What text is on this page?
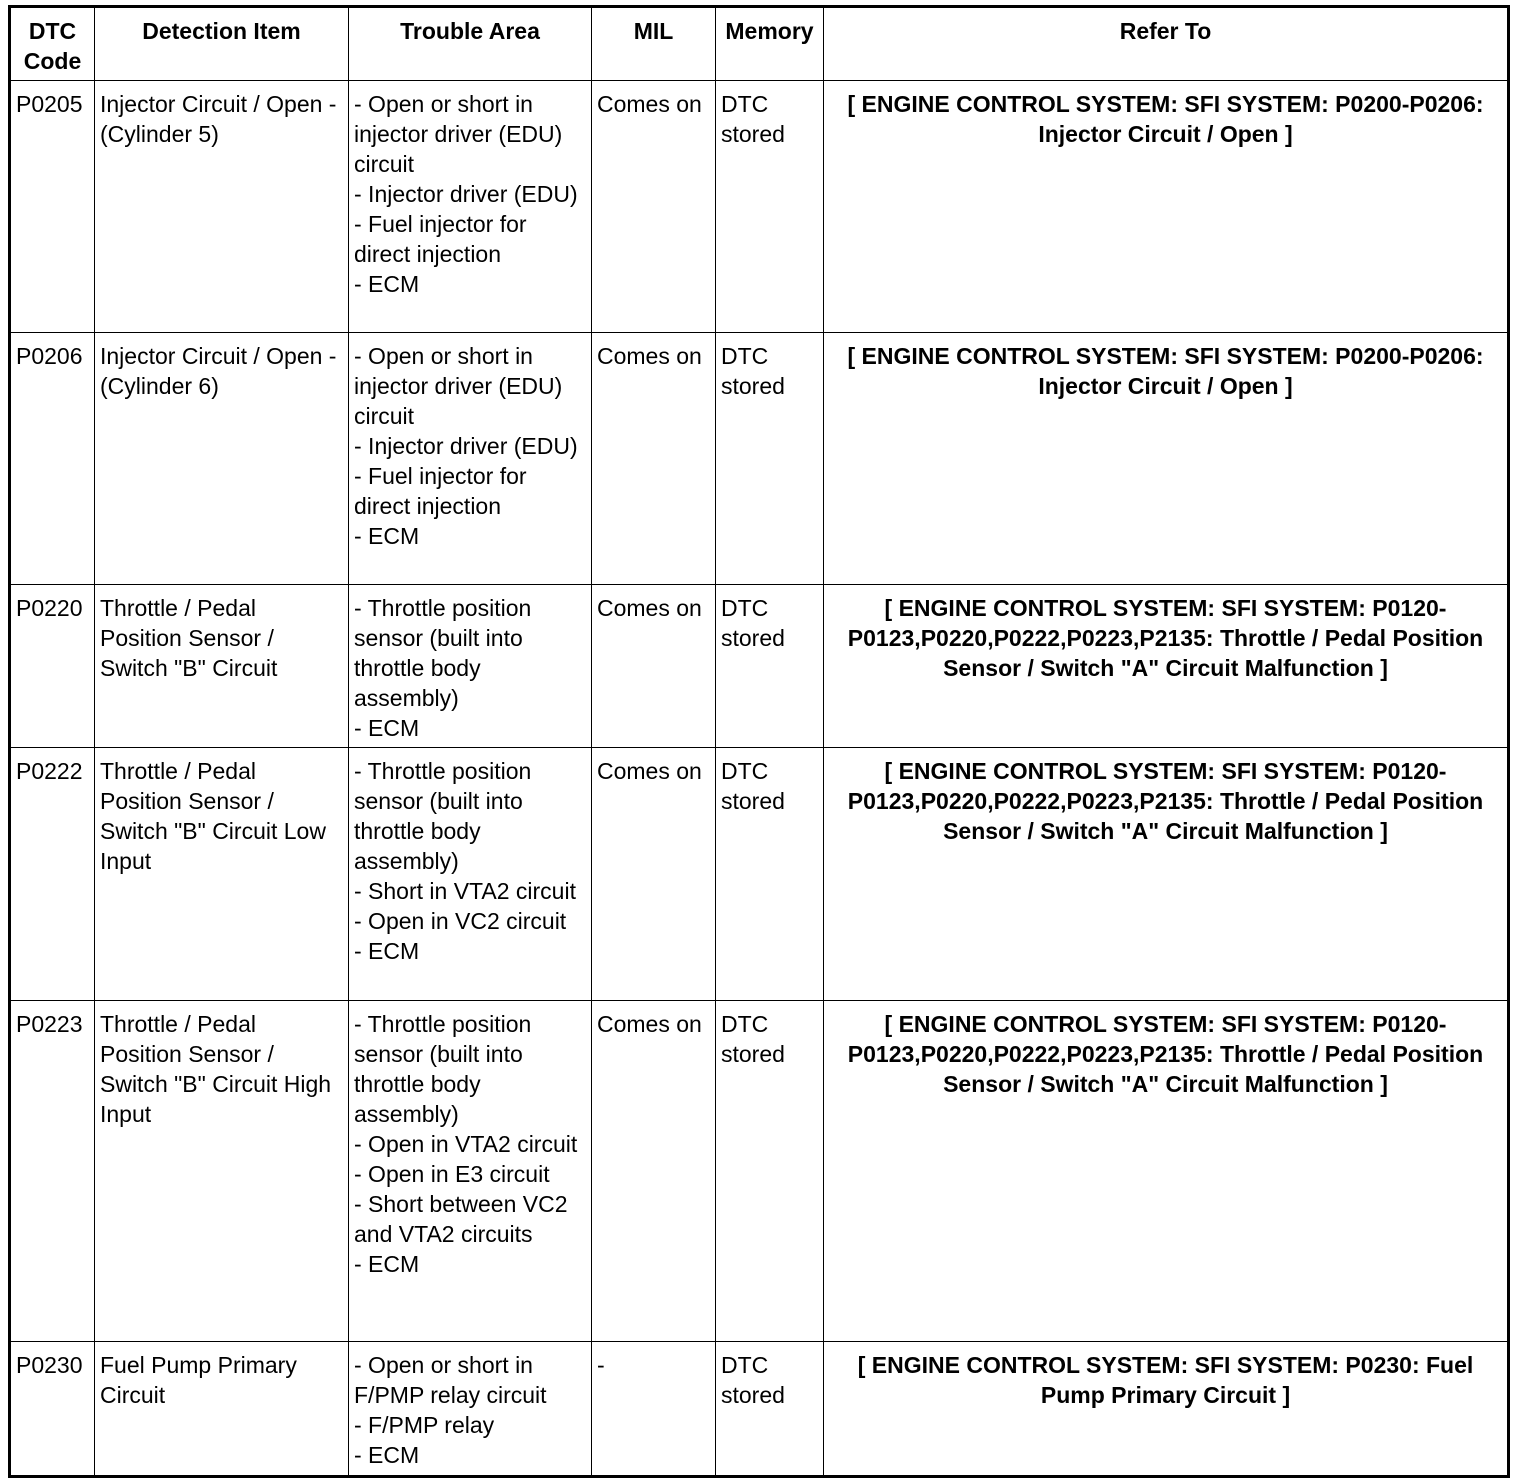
DTC Code	Detection Item	Trouble Area	MIL	Memory	Refer To
P0205	Injector Circuit / Open - (Cylinder 5)	- Open or short in injector driver (EDU) circuit
- Injector driver (EDU)
- Fuel injector for direct injection
- ECM	Comes on	DTC stored	[ ENGINE CONTROL SYSTEM: SFI SYSTEM: P0200-P0206: Injector Circuit / Open ]
P0206	Injector Circuit / Open - (Cylinder 6)	- Open or short in injector driver (EDU) circuit
- Injector driver (EDU)
- Fuel injector for direct injection
- ECM	Comes on	DTC stored	[ ENGINE CONTROL SYSTEM: SFI SYSTEM: P0200-P0206: Injector Circuit / Open ]
P0220	Throttle / Pedal Position Sensor / Switch "B" Circuit	- Throttle position sensor (built into throttle body assembly)
- ECM	Comes on	DTC stored	[ ENGINE CONTROL SYSTEM: SFI SYSTEM: P0120-P0123,P0220,P0222,P0223,P2135: Throttle / Pedal Position Sensor / Switch "A" Circuit Malfunction ]
P0222	Throttle / Pedal Position Sensor / Switch "B" Circuit Low Input	- Throttle position sensor (built into throttle body assembly)
- Short in VTA2 circuit
- Open in VC2 circuit
- ECM	Comes on	DTC stored	[ ENGINE CONTROL SYSTEM: SFI SYSTEM: P0120-P0123,P0220,P0222,P0223,P2135: Throttle / Pedal Position Sensor / Switch "A" Circuit Malfunction ]
P0223	Throttle / Pedal Position Sensor / Switch "B" Circuit High Input	- Throttle position sensor (built into throttle body assembly)
- Open in VTA2 circuit
- Open in E3 circuit
- Short between VC2 and VTA2 circuits
- ECM	Comes on	DTC stored	[ ENGINE CONTROL SYSTEM: SFI SYSTEM: P0120-P0123,P0220,P0222,P0223,P2135: Throttle / Pedal Position Sensor / Switch "A" Circuit Malfunction ]
P0230	Fuel Pump Primary Circuit	- Open or short in F/PMP relay circuit
- F/PMP relay
- ECM	-	DTC stored	[ ENGINE CONTROL SYSTEM: SFI SYSTEM: P0230: Fuel Pump Primary Circuit ]
